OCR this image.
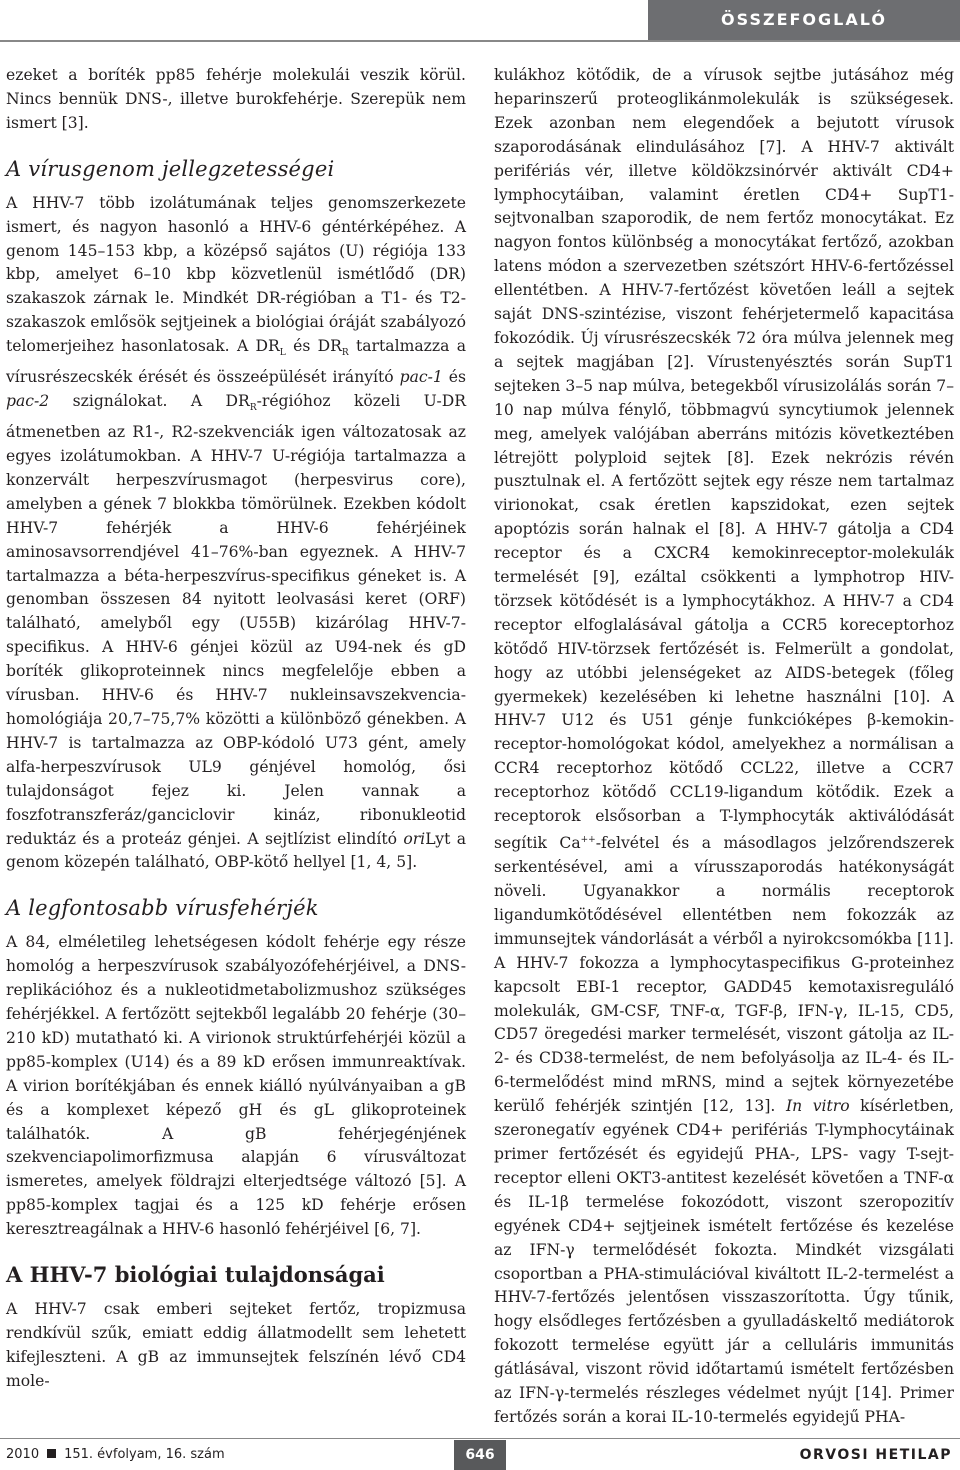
ÖSSZEFOGLALÓ REFERÁTUMOK

ezeket a boríték pp85 fehérje molekulái veszik körül. Nincs bennük DNS-, illetve burokfehérje. Szerepük nem ismert [3].

A vírusgenom jellegzetességei

A HHV-7 több izolátumának teljes genomszerkezete ismert, és nagyon hasonló a HHV-6 géntérképéhez. A genom 145–153 kbp, a középső sajátos (U) régiója 133 kbp, amelyet 6–10 kbp közvetlenül ismétlődő (DR) szakaszok zárnak le. Mindkét DR-régióban a T1- és T2-szakaszok emlősök sejtjeinek a biológiai óráját szabályozó telomerjeihez hasonlatosak. A $DR_L$ és $DR_R$ tartalmazza a vírusrészecskék érését és összeépülését irányító pac-1 és pac-2 szignálokat. A $DR_R$-régióhoz közeli U-DR átmenetben az R1-, R2-szekvenciák igen változatosak az egyes izolátumokban. A HHV-7 U-régiója tartalmazza a konzervált herpeszvírusmagot (herpesvirus core), amelyben a gének 7 blokkba tömörülnek. Ezekben kódolt HHV-7 fehérjék a HHV-6 fehérjéinek aminosavsorrendjével 41–76%-ban egyeznek. A HHV-7 tartalmazza a béta-herpeszvírus-specifikus géneket is. A genomban összesen 84 nyitott leolvasási keret (ORF) található, amelyből egy (U55B) kizárólag HHV-7-specifikus. A HHV-6 génjei közül az U94-nek és gD boríték glikoproteinnek nincs megfelelője ebben a vírusban. HHV-6 és HHV-7 nukleinsavszekvencia-homológiája 20,7–75,7% közötti a különböző génekben. A HHV-7 is tartalmazza az OBP-kódoló U73 gént, amely alfa-herpeszvírusok UL9 génjével homológ, ősi tulajdonságot fejez ki. Jelen vannak a foszfotranszferáz/ganciclovir kináz, ribonukleotid reduktáz és a proteáz génjei. A sejtlízist elindító oriLyt a genom közepén található, OBP-kötő hellyel [1, 4, 5].

A legfontosabb vírusfehérjék

A 84, elméletileg lehetségesen kódolt fehérje egy része homológ a herpeszvírusok szabályozófehérjéivel, a DNS-replikációhoz és a nukleotidmetabolizmushoz szükséges fehérjékkel. A fertőzött sejtekből legalább 20 fehérje (30–210 kD) mutatható ki. A virionok struktúrfehérjéi közül a pp85-komplex (U14) és a 89 kD erősen immunreaktívak. A virion borítékjában és ennek kiálló nyúlványaiban a gB és a komplexet képező gH és gL glikoproteinek találhatók. A gB fehérjegénjének szekvenciapolimorfizmusa alapján 6 vírusváltozat ismeretes, amelyek földrajzi elterjedtsége változó [5]. A pp85-komplex tagjai és a 125 kD fehérje erősen keresztreagálnak a HHV-6 hasonló fehérjéivel [6, 7].

A HHV-7 biológiai tulajdonságai

A HHV-7 csak emberi sejteket fertőz, tropizmusa rendkívül szűk, emiatt eddig állatmodellt sem lehetett kifejleszteni. A gB az immunsejtek felszínén lévő CD4 mole-

kulákhoz kötődik, de a vírusok sejtbe jutásához még heparinszerű proteoglikánmolekulák is szükségesek. Ezek azonban nem elegendőek a bejutott vírusok szaporodásának elindulásához [7]. A HHV-7 aktivált perifériás vér, illetve köldökzsinórvér aktivált CD4+ lymphocytáiban, valamint éretlen CD4+ SupT1-sejtvonalban szaporodik, de nem fertőz monocytákat. Ez nagyon fontos különbség a monocytákat fertőző, azokban latens módon a szervezetben szétszórt HHV-6-fertőzéssel ellentétben. A HHV-7-fertőzést követően leáll a sejtek saját DNS-szintézise, viszont fehérjetermelő kapacitása fokozódik. Új vírusrészecskék 72 óra múlva jelennek meg a sejtek magjában [2]. Vírustenyésztés során SupT1 sejteken 3–5 nap múlva, betegekből vírusizolálás során 7–10 nap múlva fénylő, többmagvú syncytiumok jelennek meg, amelyek valójában aberráns mitózis következtében létrejött polyploid sejtek [8]. Ezek nekrózis révén pusztulnak el. A fertőzött sejtek egy része nem tartalmaz virionokat, csak éretlen kapszidokat, ezen sejtek apoptózis során halnak el [8]. A HHV-7 gátolja a CD4 receptor és a CXCR4 kemokinreceptor-molekulák termelését [9], ezáltal csökkenti a lymphotrop HIV-törzsek kötődését is a lymphocytákhoz. A HHV-7 a CD4 receptor elfoglalásával gátolja a CCR5 koreceptorhoz kötődő HIV-törzsek fertőzését is. Felmerült a gondolat, hogy az utóbbi jelenségeket az AIDS-betegek (főleg gyermekek) kezelésében ki lehetne használni [10]. A HHV-7 U12 és U51 génje funkcióképes β-kemokin-receptor-homológokat kódol, amelyekhez a normálisan a CCR4 receptorhoz kötődő CCL22, illetve a CCR7 receptorhoz kötődő CCL19-ligandum kötődik. Ezek a receptorok elsősorban a T-lymphocyták aktiválódását segítik Ca++-felvétel és a másodlagos jelzőrendszerek serkentésével, ami a vírusszaporodás hatékonyságát növeli. Ugyanakkor a normális receptorok ligandumkötődésével ellentétben nem fokozzák az immunsejtek vándorlását a vérből a nyirokcsomókba [11]. A HHV-7 fokozza a lymphocytaspecifikus G-proteinhez kapcsolt EBI-1 receptor, GADD45 kemotaxisreguláló molekulák, GM-CSF, TNF-α, TGF-β, IFN-γ, IL-15, CD5, CD57 öregedési marker termelését, viszont gátolja az IL-2- és CD38-termelést, de nem befolyásolja az IL-4- és IL-6-termelődést mind mRNS, mind a sejtek környezetébe kerülő fehérjék szintjén [12, 13]. In vitro kísérletben, szeronegatív egyének CD4+ perifériás T-lymphocytáinak primer fertőzését és egyidejű PHA-, LPS- vagy T-sejt-receptor elleni OKT3-antitest kezelését követően a TNF-α és IL-1β termelése fokozódott, viszont szeropozitív egyének CD4+ sejtjeinek ismételt fertőzése és kezelése az IFN-γ termelődését fokozta. Mindkét vizsgálati csoportban a PHA-stimulációval kiváltott IL-2-termelést a HHV-7-fertőzés jelentősen visszaszorította. Úgy tűnik, hogy elsődleges fertőzésben a gyulladáskeltő mediátorok fokozott termelése együtt jár a celluláris immunitás gátlásával, viszont rövid időtartamú ismételt fertőzésben az IFN-γ-termelés részleges védelmet nyújt [14]. Primer fertőzés során a korai IL-10-termelés egyidejű PHA-

2010 151. évfolyam, 16. szám	646	ORVOSI HETILAP
